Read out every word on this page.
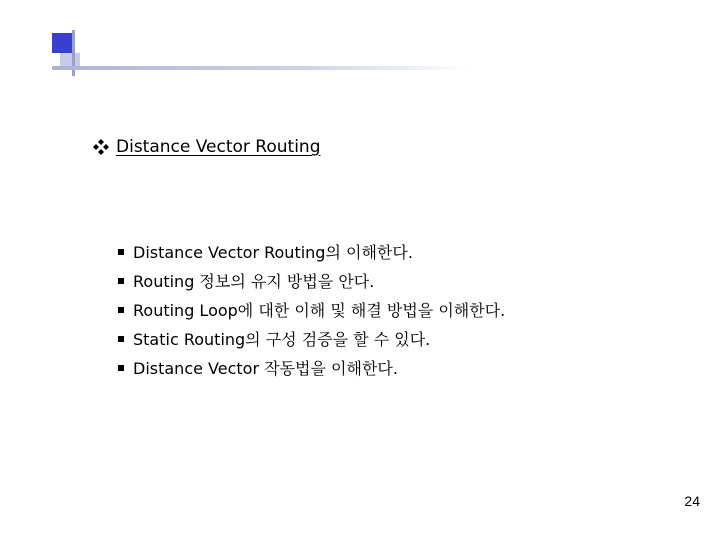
Distance Vector Routing
Distance Vector Routing의 이해한다.
Routing 정보의 유지 방법을 안다.
Routing Loop에 대한 이해 및 해결 방법을 이해한다.
Static Routing의 구성 검증을 할 수 있다.
Distance Vector 작동법을 이해한다.
24
